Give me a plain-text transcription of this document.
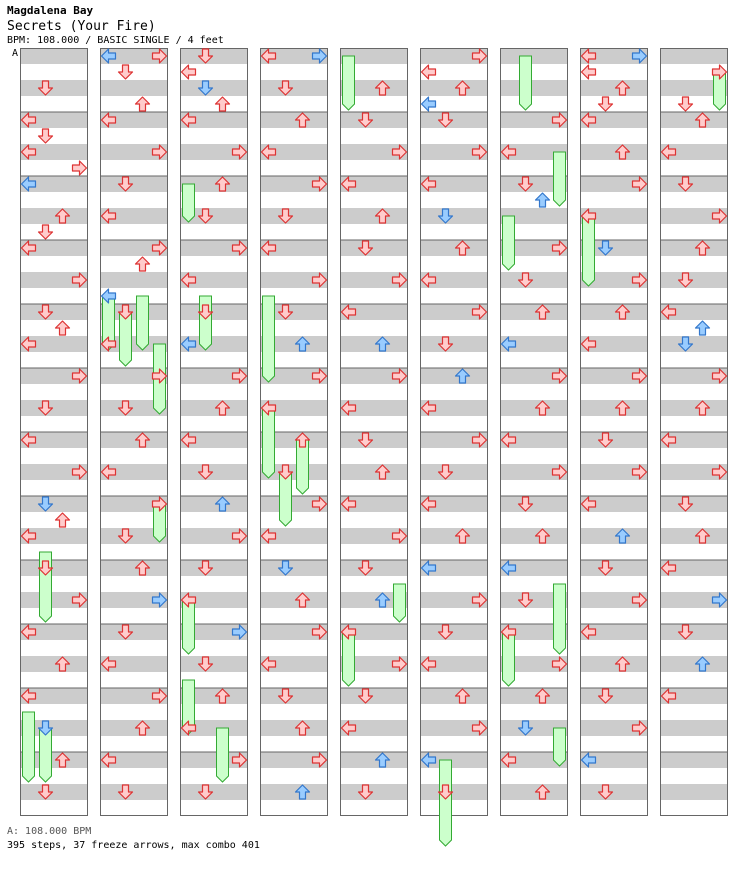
Magdalena Bay
Secrets (Your Fire)
BPM: 108.000 / BASIC SINGLE / 4 feet
A
A: 108.000 BPM
395 steps, 37 freeze arrows, max combo 401
